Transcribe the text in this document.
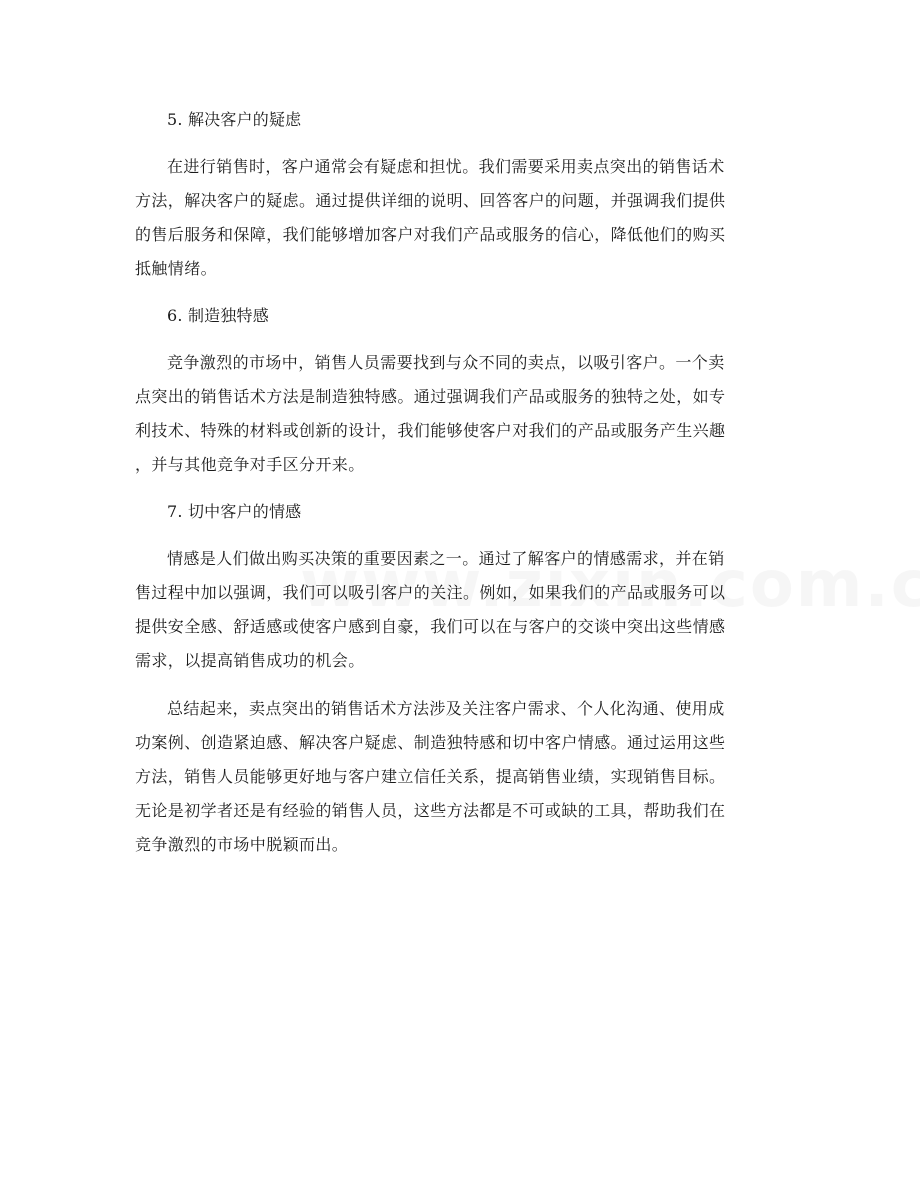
5. 解决客户的疑虑
在进行销售时，客户通常会有疑虑和担忧。我们需要采用卖点突出的销售话术
方法，解决客户的疑虑。通过提供详细的说明、回答客户的问题，并强调我们提供
的售后服务和保障，我们能够增加客户对我们产品或服务的信心，降低他们的购买
抵触情绪。
6. 制造独特感
竞争激烈的市场中，销售人员需要找到与众不同的卖点，以吸引客户。一个卖
点突出的销售话术方法是制造独特感。通过强调我们产品或服务的独特之处，如专
利技术、特殊的材料或创新的设计，我们能够使客户对我们的产品或服务产生兴趣
，并与其他竞争对手区分开来。
7. 切中客户的情感
情感是人们做出购买决策的重要因素之一。通过了解客户的情感需求，并在销
售过程中加以强调，我们可以吸引客户的关注。例如，如果我们的产品或服务可以
提供安全感、舒适感或使客户感到自豪，我们可以在与客户的交谈中突出这些情感
需求，以提高销售成功的机会。
总结起来，卖点突出的销售话术方法涉及关注客户需求、个人化沟通、使用成
功案例、创造紧迫感、解决客户疑虑、制造独特感和切中客户情感。通过运用这些
方法，销售人员能够更好地与客户建立信任关系，提高销售业绩，实现销售目标。
无论是初学者还是有经验的销售人员，这些方法都是不可或缺的工具，帮助我们在
竞争激烈的市场中脱颖而出。
